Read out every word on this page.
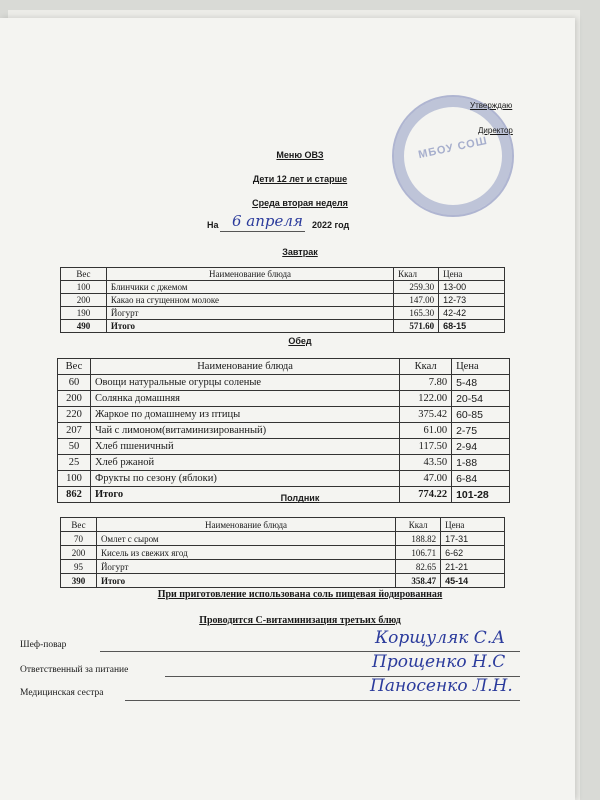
МБОУ СОШ
Утверждаю
Директор
Меню ОВЗ
Дети 12 лет и старше
Среда вторая неделя
На 6 апреля 2022 год
Завтрак
Вес	Наименование блюда	Ккал	Цена
100	Блинчики с джемом	259.30	13-00
200	Какао на сгущенном молоке	147.00	12-73
190	Йогурт	165.30	42-42
490	Итого	571.60	68-15
Обед
Вес	Наименование блюда	Ккал	Цена
60	Овощи натуральные огурцы соленые	7.80	5-48
200	Солянка домашняя	122.00	20-54
220	Жаркое по домашнему из птицы	375.42	60-85
207	Чай с лимоном(витаминизированный)	61.00	2-75
50	Хлеб пшеничный	117.50	2-94
25	Хлеб ржаной	43.50	1-88
100	Фрукты по сезону (яблоки)	47.00	6-84
862	Итого	774.22	101-28
Полдник
Вес	Наименование блюда	Ккал	Цена
70	Омлет с сыром	188.82	17-31
200	Кисель из свежих ягод	106.71	6-62
95	Йогурт	82.65	21-21
390	Итого	358.47	45-14
При приготовление использована соль пищевая йодированная
Проводится С-витаминизация третьих блюд
Шеф-повар	Корщуляк С.А
Ответственный за питание	Прощенко Н.С
Медицинская сестра	Паносенко Л.Н.
